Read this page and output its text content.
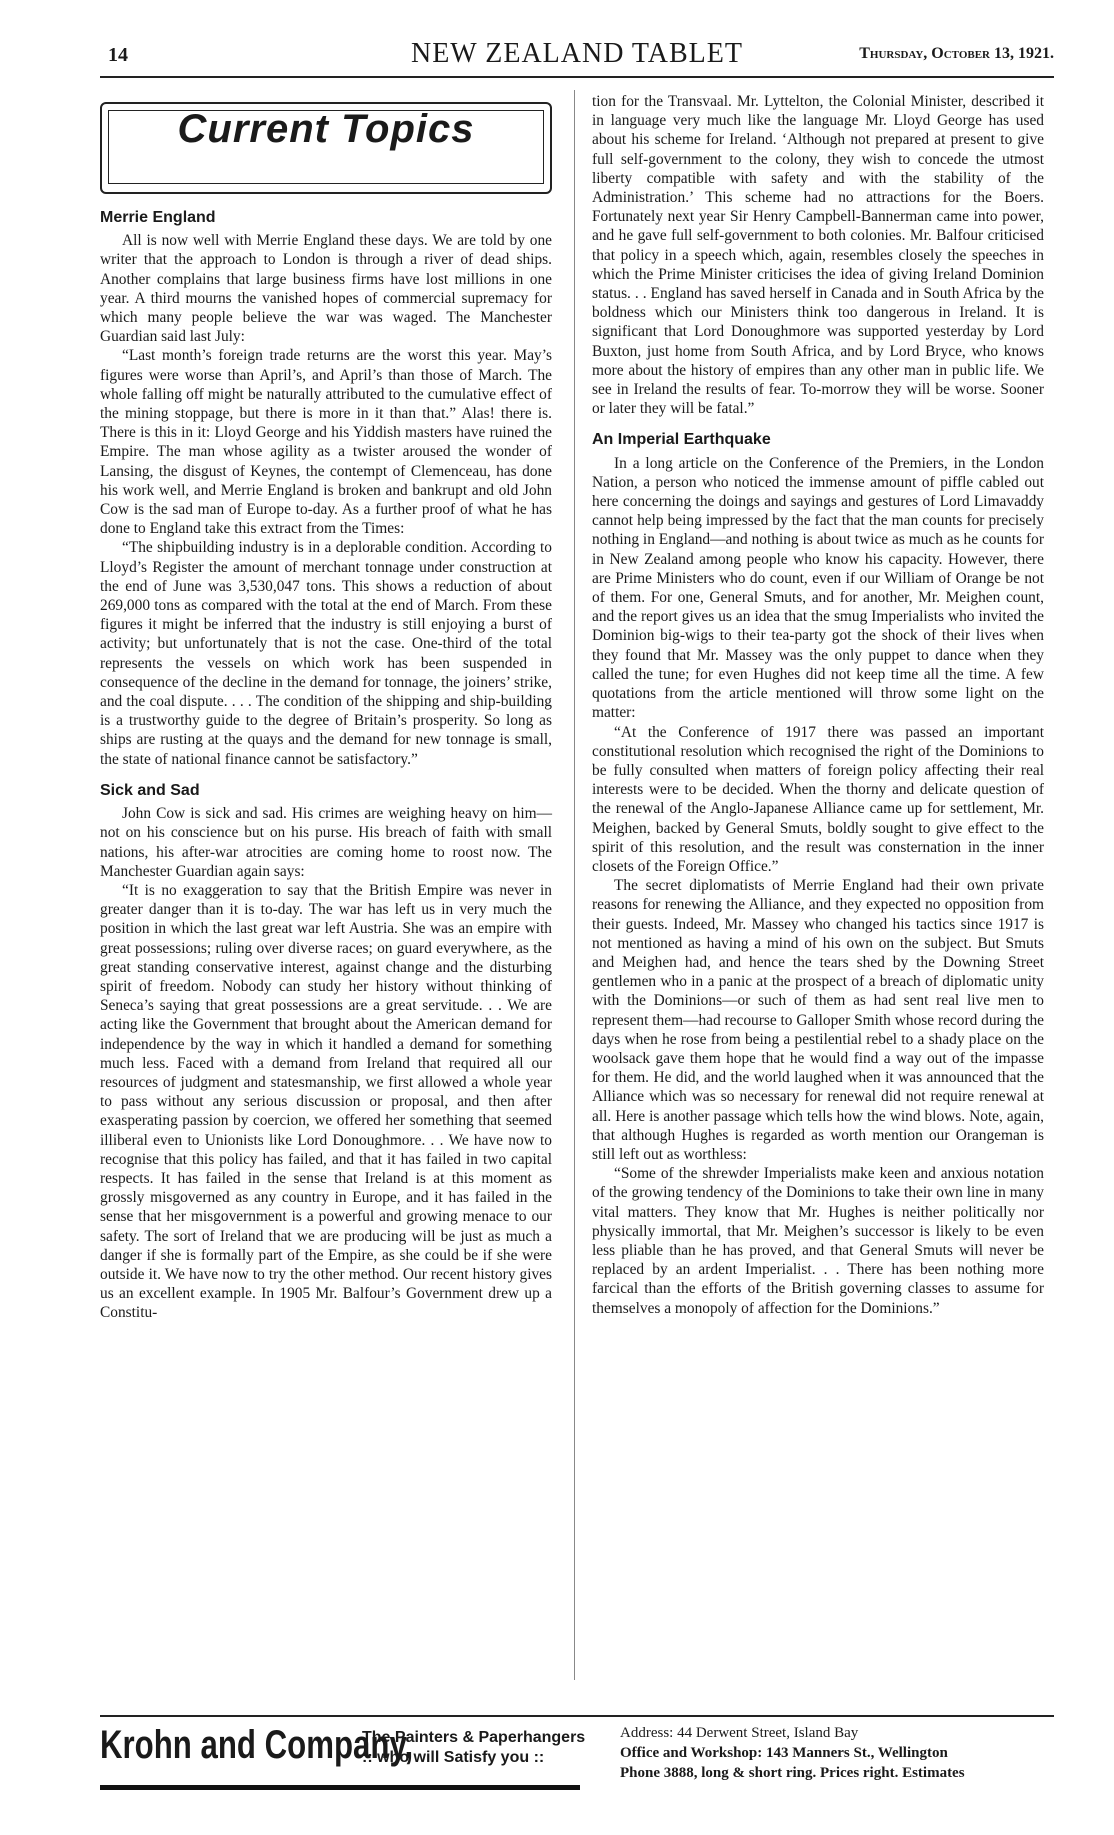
14	NEW ZEALAND TABLET	Thursday, October 13, 1921.
Current Topics
Merrie England

All is now well with Merrie England these days. We are told by one writer that the approach to London is through a river of dead ships. Another complains that large business firms have lost millions in one year. A third mourns the vanished hopes of commercial supremacy for which many people believe the war was waged. The Manchester Guardian said last July:

“Last month’s foreign trade returns are the worst this year. May’s figures were worse than April’s, and April’s than those of March. The whole falling off might be naturally attributed to the cumulative effect of the mining stoppage, but there is more in it than that.” Alas! there is. There is this in it: Lloyd George and his Yiddish masters have ruined the Empire. The man whose agility as a twister aroused the wonder of Lansing, the disgust of Keynes, the contempt of Clemenceau, has done his work well, and Merrie England is broken and bankrupt and old John Cow is the sad man of Europe to-day. As a further proof of what he has done to England take this extract from the Times:

“The shipbuilding industry is in a deplorable condition. According to Lloyd’s Register the amount of merchant tonnage under construction at the end of June was 3,530,047 tons. This shows a reduction of about 269,000 tons as compared with the total at the end of March. From these figures it might be inferred that the industry is still enjoying a burst of activity; but unfortunately that is not the case. One-third of the total represents the vessels on which work has been suspended in consequence of the decline in the demand for tonnage, the joiners’ strike, and the coal dispute. . . . The condition of the shipping and ship-building is a trustworthy guide to the degree of Britain’s prosperity. So long as ships are rusting at the quays and the demand for new tonnage is small, the state of national finance cannot be satisfactory.”

Sick and Sad

John Cow is sick and sad. His crimes are weighing heavy on him—not on his conscience but on his purse. His breach of faith with small nations, his after-war atrocities are coming home to roost now. The Manchester Guardian again says:

“It is no exaggeration to say that the British Empire was never in greater danger than it is to-day. The war has left us in very much the position in which the last great war left Austria. She was an empire with great possessions; ruling over diverse races; on guard everywhere, as the great standing conservative interest, against change and the disturbing spirit of freedom. Nobody can study her history without thinking of Seneca’s saying that great possessions are a great servitude. . . We are acting like the Government that brought about the American demand for independence by the way in which it handled a demand for something much less. Faced with a demand from Ireland that required all our resources of judgment and statesmanship, we first allowed a whole year to pass without any serious discussion or proposal, and then after exasperating passion by coercion, we offered her something that seemed illiberal even to Unionists like Lord Donoughmore. . . We have now to recognise that this policy has failed, and that it has failed in two capital respects. It has failed in the sense that Ireland is at this moment as grossly misgoverned as any country in Europe, and it has failed in the sense that her misgovernment is a powerful and growing menace to our safety. The sort of Ireland that we are producing will be just as much a danger if she is formally part of the Empire, as she could be if she were outside it. We have now to try the other method. Our recent history gives us an excellent example. In 1905 Mr. Balfour’s Government drew up a Constitu-

tion for the Transvaal. Mr. Lyttelton, the Colonial Minister, described it in language very much like the language Mr. Lloyd George has used about his scheme for Ireland. ‘Although not prepared at present to give full self-government to the colony, they wish to concede the utmost liberty compatible with safety and with the stability of the Administration.’ This scheme had no attractions for the Boers. Fortunately next year Sir Henry Campbell-Bannerman came into power, and he gave full self-government to both colonies. Mr. Balfour criticised that policy in a speech which, again, resembles closely the speeches in which the Prime Minister criticises the idea of giving Ireland Dominion status. . . England has saved herself in Canada and in South Africa by the boldness which our Ministers think too dangerous in Ireland. It is significant that Lord Donoughmore was supported yesterday by Lord Buxton, just home from South Africa, and by Lord Bryce, who knows more about the history of empires than any other man in public life. We see in Ireland the results of fear. To-morrow they will be worse. Sooner or later they will be fatal.”

An Imperial Earthquake

In a long article on the Conference of the Premiers, in the London Nation, a person who noticed the immense amount of piffle cabled out here concerning the doings and sayings and gestures of Lord Limavaddy cannot help being impressed by the fact that the man counts for precisely nothing in England—and nothing is about twice as much as he counts for in New Zealand among people who know his capacity. However, there are Prime Ministers who do count, even if our William of Orange be not of them. For one, General Smuts, and for another, Mr. Meighen count, and the report gives us an idea that the smug Imperialists who invited the Dominion big-wigs to their tea-party got the shock of their lives when they found that Mr. Massey was the only puppet to dance when they called the tune; for even Hughes did not keep time all the time. A few quotations from the article mentioned will throw some light on the matter:

“At the Conference of 1917 there was passed an important constitutional resolution which recognised the right of the Dominions to be fully consulted when matters of foreign policy affecting their real interests were to be decided. When the thorny and delicate question of the renewal of the Anglo-Japanese Alliance came up for settlement, Mr. Meighen, backed by General Smuts, boldly sought to give effect to the spirit of this resolution, and the result was consternation in the inner closets of the Foreign Office.”

The secret diplomatists of Merrie England had their own private reasons for renewing the Alliance, and they expected no opposition from their guests. Indeed, Mr. Massey who changed his tactics since 1917 is not mentioned as having a mind of his own on the subject. But Smuts and Meighen had, and hence the tears shed by the Downing Street gentlemen who in a panic at the prospect of a breach of diplomatic unity with the Dominions—or such of them as had sent real live men to represent them—had recourse to Galloper Smith whose record during the days when he rose from being a pestilential rebel to a shady place on the woolsack gave them hope that he would find a way out of the impasse for them. He did, and the world laughed when it was announced that the Alliance which was so necessary for renewal did not require renewal at all. Here is another passage which tells how the wind blows. Note, again, that although Hughes is regarded as worth mention our Orangeman is still left out as worthless:

“Some of the shrewder Imperialists make keen and anxious notation of the growing tendency of the Dominions to take their own line in many vital matters. They know that Mr. Hughes is neither politically nor physically immortal, that Mr. Meighen’s successor is likely to be even less pliable than he has proved, and that General Smuts will never be replaced by an ardent Imperialist. . . There has been nothing more farcical than the efforts of the British governing classes to assume for themselves a monopoly of affection for the Dominions.”

Krohn and Company,
The Painters & Paperhangers
:: who will Satisfy you ::
Address: 44 Derwent Street, Island Bay
Office and Workshop: 143 Manners St., Wellington
Phone 3888, long & short ring. Prices right. Estimates
